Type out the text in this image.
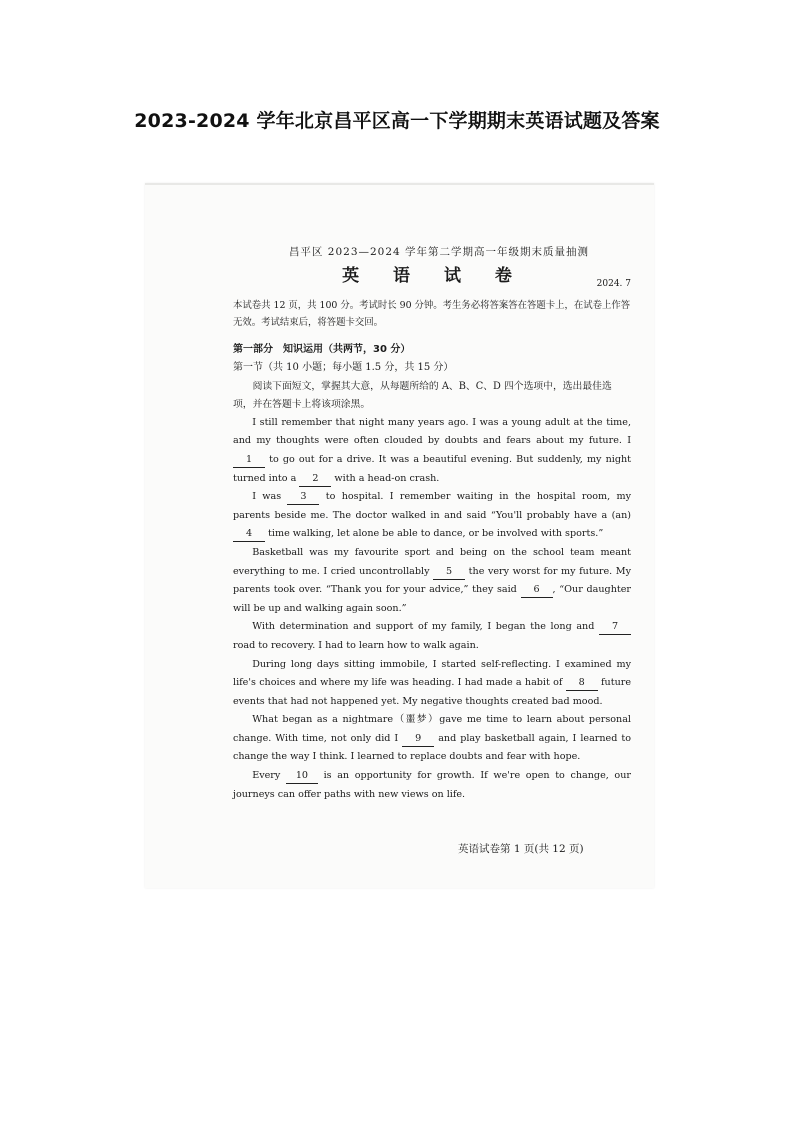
2023-2024 学年北京昌平区高一下学期期末英语试题及答案
昌平区 2023—2024 学年第二学期高一年级期末质量抽测
英 语 试 卷	2024. 7
本试卷共 12 页，共 100 分。考试时长 90 分钟。考生务必将答案答在答题卡上，在试卷上作答无效。考试结束后，将答题卡交回。
第一部分　知识运用（共两节，30 分）
第一节（共 10 小题；每小题 1.5 分，共 15 分）
阅读下面短文，掌握其大意，从每题所给的 A、B、C、D 四个选项中，选出最佳选项，并在答题卡上将该项涂黑。
I still remember that night many years ago. I was a young adult at the time, and my thoughts were often clouded by doubts and fears about my future. I 1 to go out for a drive. It was a beautiful evening. But suddenly, my night turned into a 2 with a head-on crash.
I was 3 to hospital. I remember waiting in the hospital room, my parents beside me. The doctor walked in and said “You'll probably have a (an) 4 time walking, let alone be able to dance, or be involved with sports.”
Basketball was my favourite sport and being on the school team meant everything to me. I cried uncontrollably 5 the very worst for my future. My parents took over. “Thank you for your advice,” they said 6 , “Our daughter will be up and walking again soon.”
With determination and support of my family, I began the long and 7 road to recovery. I had to learn how to walk again.
During long days sitting immobile, I started self-reflecting. I examined my life's choices and where my life was heading. I had made a habit of 8 future events that had not happened yet. My negative thoughts created bad mood.
What began as a nightmare（噩梦）gave me time to learn about personal change. With time, not only did I 9 and play basketball again, I learned to change the way I think. I learned to replace doubts and fear with hope.
Every 10 is an opportunity for growth. If we're open to change, our journeys can offer paths with new views on life.
英语试卷第 1 页(共 12 页)
